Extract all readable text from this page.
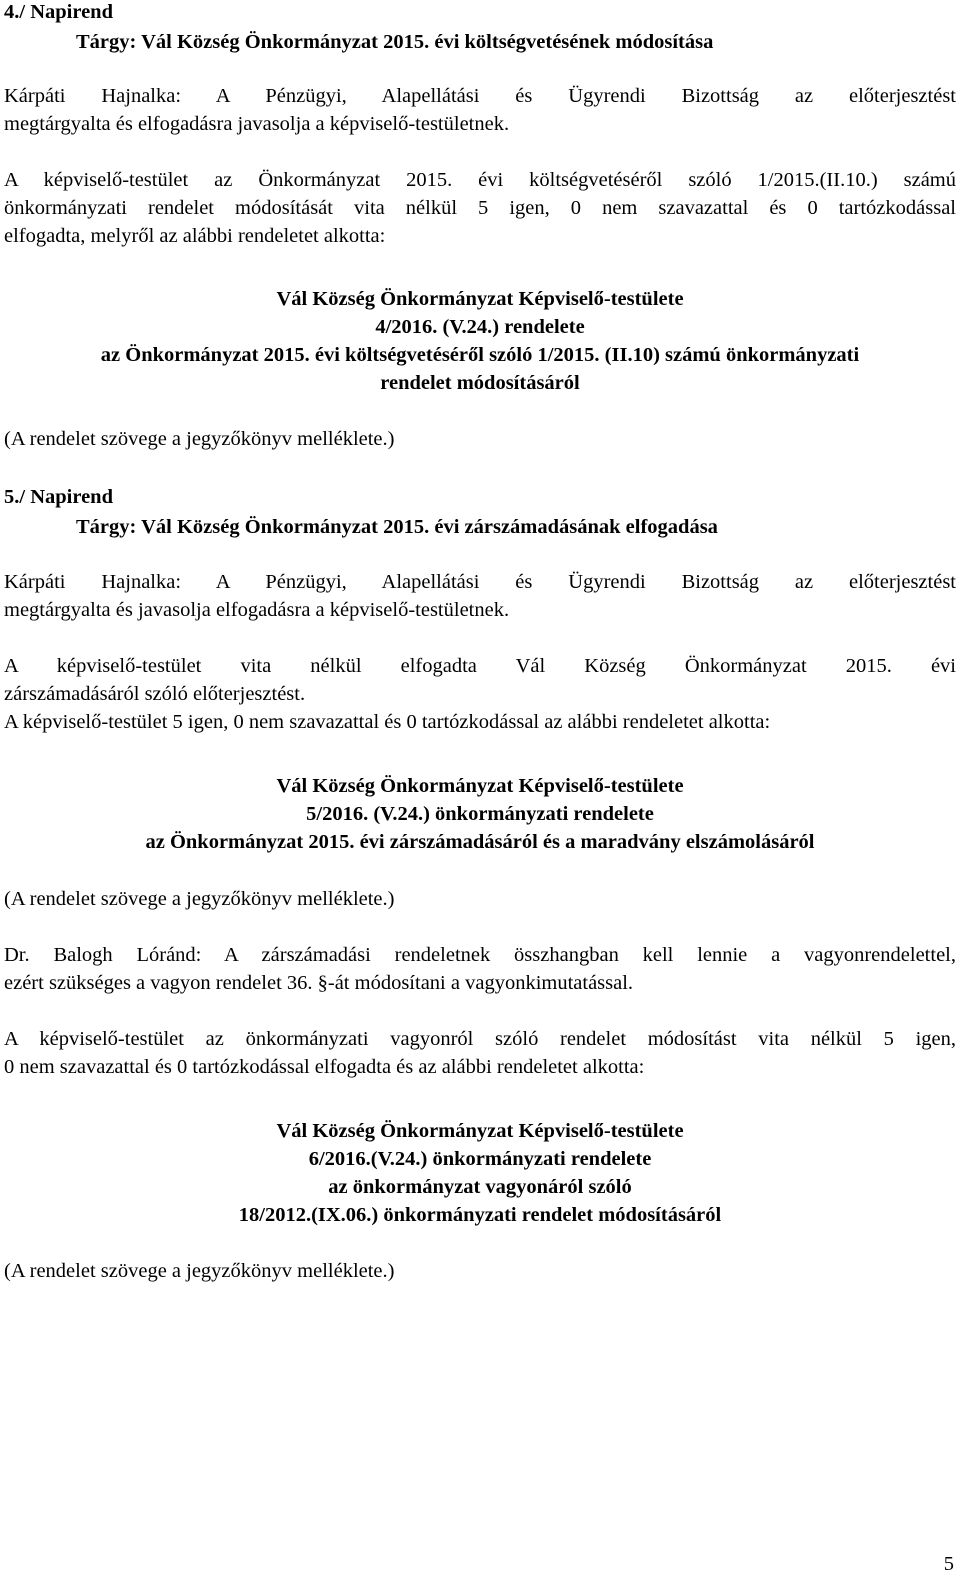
4./ Napirend
Tárgy: Vál Község Önkormányzat 2015. évi költségvetésének módosítása
Kárpáti Hajnalka: A Pénzügyi, Alapellátási és Ügyrendi Bizottság az előterjesztést
megtárgyalta és elfogadásra javasolja a képviselő-testületnek.
A képviselő-testület az Önkormányzat 2015. évi költségvetéséről szóló 1/2015.(II.10.) számú
önkormányzati rendelet módosítását vita nélkül 5 igen, 0 nem szavazattal és 0 tartózkodással
elfogadta, melyről az alábbi rendeletet alkotta:
Vál Község Önkormányzat Képviselő-testülete
4/2016. (V.24.) rendelete
az Önkormányzat 2015. évi költségvetéséről szóló 1/2015. (II.10) számú önkormányzati
rendelet módosításáról
(A rendelet szövege a jegyzőkönyv melléklete.)
5./ Napirend
Tárgy: Vál Község Önkormányzat 2015. évi zárszámadásának elfogadása
Kárpáti Hajnalka: A Pénzügyi, Alapellátási és Ügyrendi Bizottság az előterjesztést
megtárgyalta és javasolja elfogadásra a képviselő-testületnek.
A képviselő-testület vita nélkül elfogadta Vál Község Önkormányzat 2015. évi
zárszámadásáról szóló előterjesztést.
A képviselő-testület 5 igen, 0 nem szavazattal és 0 tartózkodással az alábbi rendeletet alkotta:
Vál Község Önkormányzat Képviselő-testülete
5/2016. (V.24.) önkormányzati rendelete
az Önkormányzat 2015. évi zárszámadásáról és a maradvány elszámolásáról
(A rendelet szövege a jegyzőkönyv melléklete.)
Dr. Balogh Lóránd: A zárszámadási rendeletnek összhangban kell lennie a vagyonrendelettel,
ezért szükséges a vagyon rendelet 36. §-át módosítani a vagyonkimutatással.
A képviselő-testület az önkormányzati vagyonról szóló rendelet módosítást vita nélkül 5 igen,
0 nem szavazattal és 0 tartózkodással elfogadta és az alábbi rendeletet alkotta:
Vál Község Önkormányzat Képviselő-testülete
6/2016.(V.24.) önkormányzati rendelete
az önkormányzat vagyonáról szóló
18/2012.(IX.06.) önkormányzati rendelet módosításáról
(A rendelet szövege a jegyzőkönyv melléklete.)
5
